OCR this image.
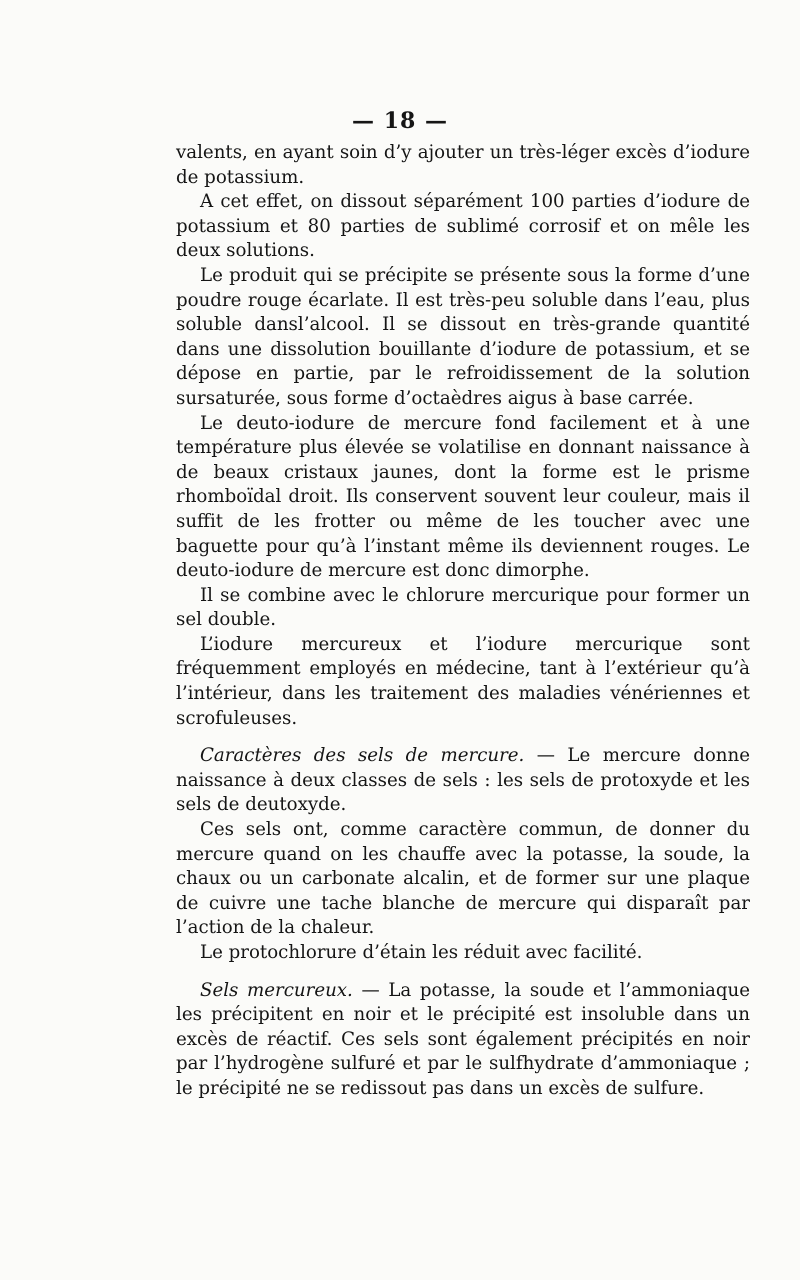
— 18 —

valents, en ayant soin d’y ajouter un très-léger excès d’iodure de potassium.

A cet effet, on dissout séparément 100 parties d’iodure de potassium et 80 parties de sublimé corrosif et on mêle les deux solutions.

Le produit qui se précipite se présente sous la forme d’une poudre rouge écarlate. Il est très-peu soluble dans l’eau, plus soluble dansl’alcool. Il se dissout en très-grande quantité dans une dissolution bouillante d’iodure de potassium, et se dépose en partie, par le refroidissement de la solution sursaturée, sous forme d’octaèdres aigus à base carrée.

Le deuto-iodure de mercure fond facilement et à une température plus élevée se volatilise en donnant naissance à de beaux cristaux jaunes, dont la forme est le prisme rhomboïdal droit. Ils conservent souvent leur couleur, mais il suffit de les frotter ou même de les toucher avec une baguette pour qu’à l’instant même ils deviennent rouges. Le deuto-iodure de mercure est donc dimorphe.

Il se combine avec le chlorure mercurique pour former un sel double.

L’iodure mercureux et l’iodure mercurique sont fréquemment employés en médecine, tant à l’extérieur qu’à l’intérieur, dans les traitement des maladies vénériennes et scrofuleuses.

Caractères des sels de mercure. — Le mercure donne naissance à deux classes de sels : les sels de protoxyde et les sels de deutoxyde.

Ces sels ont, comme caractère commun, de donner du mercure quand on les chauffe avec la potasse, la soude, la chaux ou un carbonate alcalin, et de former sur une plaque de cuivre une tache blanche de mercure qui disparaît par l’action de la chaleur.

Le protochlorure d’étain les réduit avec facilité.

Sels mercureux. — La potasse, la soude et l’ammoniaque les précipitent en noir et le précipité est insoluble dans un excès de réactif. Ces sels sont également précipités en noir par l’hydrogène sulfuré et par le sulfhydrate d’ammoniaque ; le précipité ne se redissout pas dans un excès de sulfure.
